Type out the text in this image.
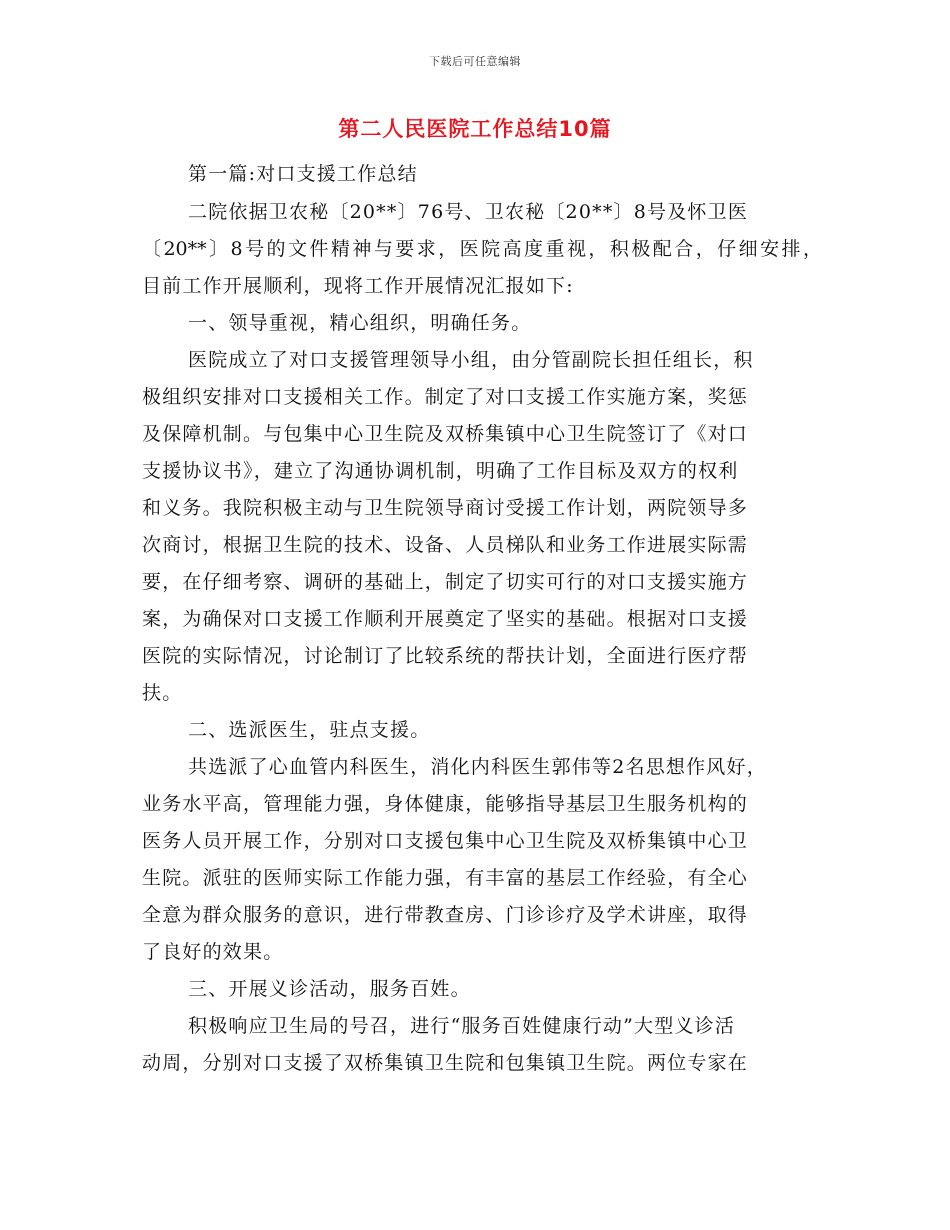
下载后可任意编辑
第二人民医院工作总结10篇
第一篇:对口支援工作总结
二院依据卫农秘〔20**〕76号、卫农秘〔20**〕8号及怀卫医
〔20**〕8号的文件精神与要求，医院高度重视，积极配合，仔细安排，
目前工作开展顺利，现将工作开展情况汇报如下:
一、领导重视，精心组织，明确任务。
医院成立了对口支援管理领导小组，由分管副院长担任组长，积
极组织安排对口支援相关工作。制定了对口支援工作实施方案，奖惩
及保障机制。与包集中心卫生院及双桥集镇中心卫生院签订了《对口
支援协议书》，建立了沟通协调机制，明确了工作目标及双方的权利
和义务。我院积极主动与卫生院领导商讨受援工作计划，两院领导多
次商讨，根据卫生院的技术、设备、人员梯队和业务工作进展实际需
要，在仔细考察、调研的基础上，制定了切实可行的对口支援实施方
案，为确保对口支援工作顺利开展奠定了坚实的基础。根据对口支援
医院的实际情况，讨论制订了比较系统的帮扶计划，全面进行医疗帮
扶。
二、选派医生，驻点支援。
共选派了心血管内科医生，消化内科医生郭伟等2名思想作风好，
业务水平高，管理能力强，身体健康，能够指导基层卫生服务机构的
医务人员开展工作，分别对口支援包集中心卫生院及双桥集镇中心卫
生院。派驻的医师实际工作能力强，有丰富的基层工作经验，有全心
全意为群众服务的意识，进行带教查房、门诊诊疗及学术讲座，取得
了良好的效果。
三、开展义诊活动，服务百姓。
积极响应卫生局的号召，进行“服务百姓健康行动”大型义诊活
动周，分别对口支援了双桥集镇卫生院和包集镇卫生院。两位专家在
